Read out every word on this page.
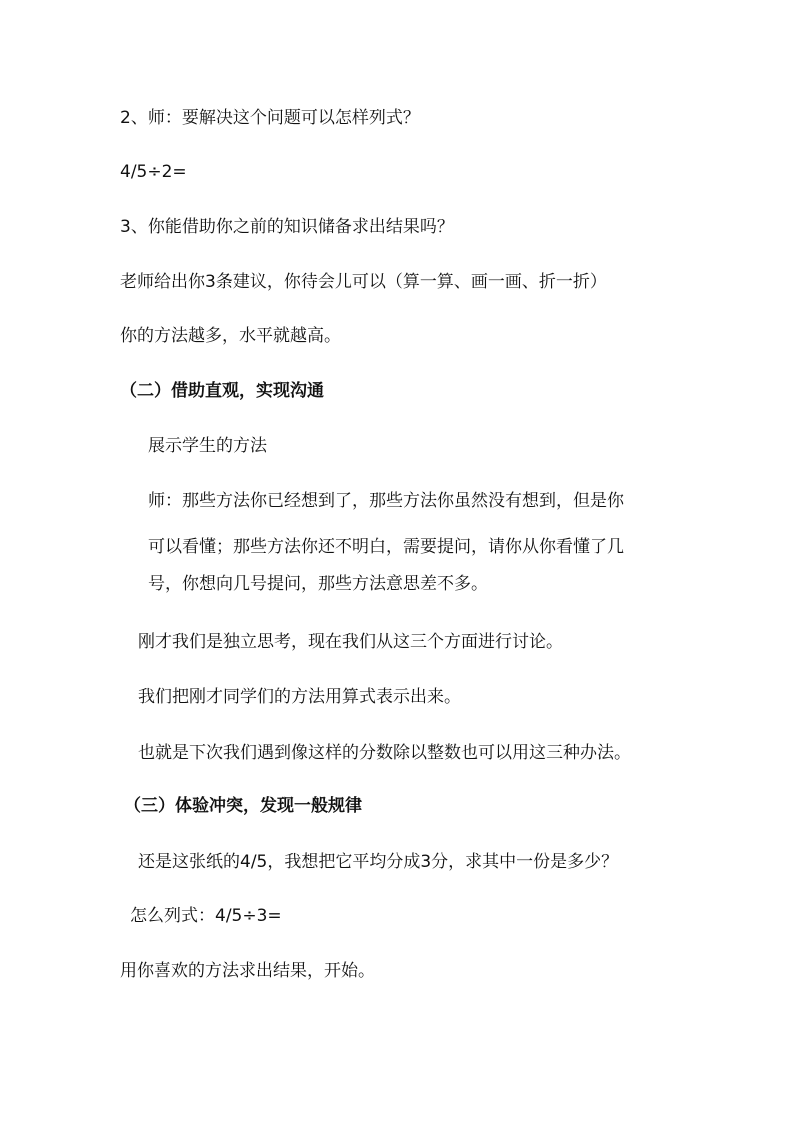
2、师：要解决这个问题可以怎样列式？
4/5÷2=
3、你能借助你之前的知识储备求出结果吗？
老师给出你3条建议，你待会儿可以（算一算、画一画、折一折）
你的方法越多，水平就越高。
（二）借助直观，实现沟通
展示学生的方法
师：那些方法你已经想到了，那些方法你虽然没有想到，但是你
可以看懂；那些方法你还不明白，需要提问，请你从你看懂了几
号，你想向几号提问，那些方法意思差不多。
刚才我们是独立思考，现在我们从这三个方面进行讨论。
我们把刚才同学们的方法用算式表示出来。
也就是下次我们遇到像这样的分数除以整数也可以用这三种办法。
（三）体验冲突，发现一般规律
还是这张纸的4/5，我想把它平均分成3分，求其中一份是多少？
怎么列式：4/5÷3=
用你喜欢的方法求出结果，开始。
